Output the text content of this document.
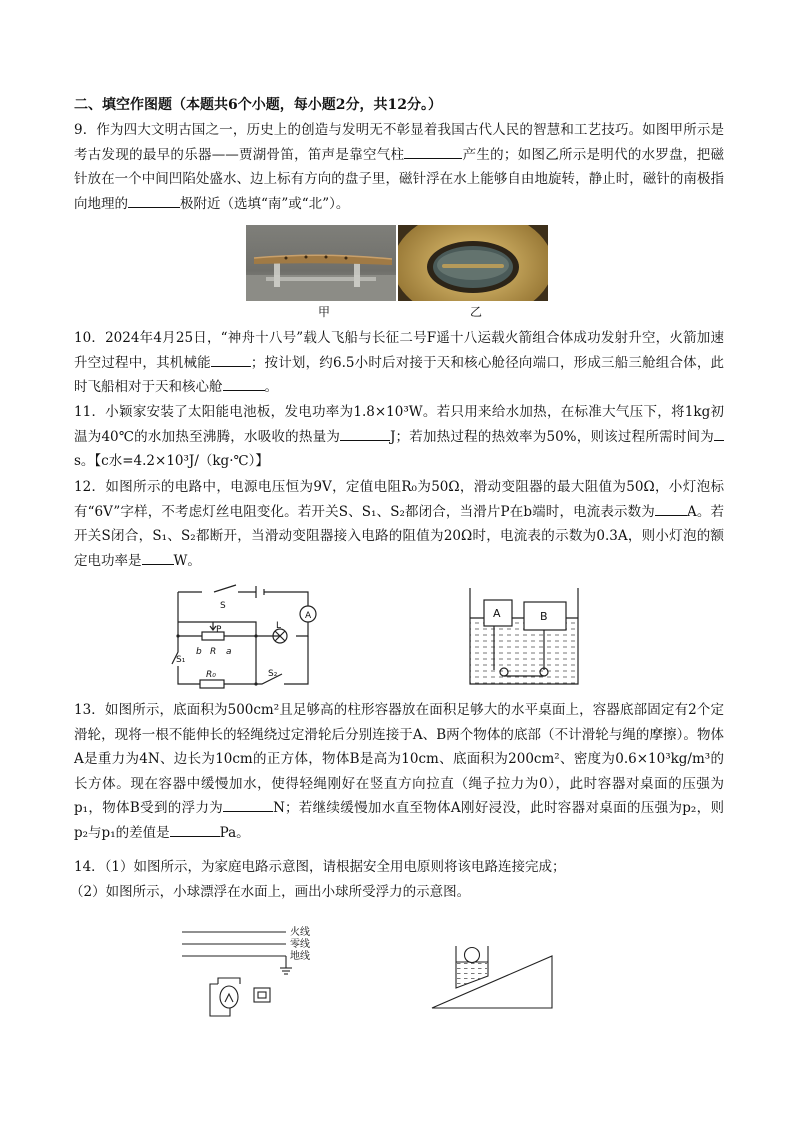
二、填空作图题（本题共6个小题，每小题2分，共12分。）
9．作为四大文明古国之一，历史上的创造与发明无不彰显着我国古代人民的智慧和工艺技巧。如图甲所示是考古发现的最早的乐器——贾湖骨笛，笛声是靠空气柱	产生的；如图乙所示是明代的水罗盘，把磁针放在一个中间凹陷处盛水、边上标有方向的盘子里，磁针浮在水上能够自由地旋转，静止时，磁针的南极指向地理的	极附近（选填“南”或“北”）。
甲	乙
10．2024年4月25日，“神舟十八号”载人飞船与长征二号F遥十八运载火箭组合体成功发射升空，火箭加速升空过程中，其机械能	；按计划，约6.5小时后对接于天和核心舱径向端口，形成三船三舱组合体，此时飞船相对于天和核心舱	。
11．小颖家安装了太阳能电池板，发电功率为1.8×10³W。若只用来给水加热，在标准大气压下，将1kg初温为40℃的水加热至沸腾，水吸收的热量为	J；若加热过程的热效率为50%，则该过程所需时间为s。【c水=4.2×10³J/（kg·℃）】
12．如图所示的电路中，电源电压恒为9V，定值电阻R₀为50Ω，滑动变阻器的最大阻值为50Ω，小灯泡标有“6V”字样，不考虑灯丝电阻变化。若开关S、S₁、S₂都闭合，当滑片P在b端时，电流表示数为 A。若开关S闭合，S₁、S₂都断开，当滑动变阻器接入电路的阻值为20Ω时，电流表的示数为0.3A，则小灯泡的额定电功率是 W。
S
A
P	L
S₁
b R a
R₀	S₂
A	B
13．如图所示，底面积为500cm²且足够高的柱形容器放在面积足够大的水平桌面上，容器底部固定有2个定滑轮，现将一根不能伸长的轻绳绕过定滑轮后分别连接于A、B两个物体的底部（不计滑轮与绳的摩擦）。物体A是重力为4N、边长为10cm的正方体，物体B是高为10cm、底面积为200cm²、密度为0.6×10³kg/m³的长方体。现在容器中缓慢加水，使得轻绳刚好在竖直方向拉直（绳子拉力为0），此时容器对桌面的压强为p₁，物体B受到的浮力为	N；若继续缓慢加水直至物体A刚好浸没，此时容器对桌面的压强为p₂，则p₂与p₁的差值是	Pa。
14．（1）如图所示，为家庭电路示意图，请根据安全用电原则将该电路连接完成；
（2）如图所示，小球漂浮在水面上，画出小球所受浮力的示意图。
火线
零线
地线
